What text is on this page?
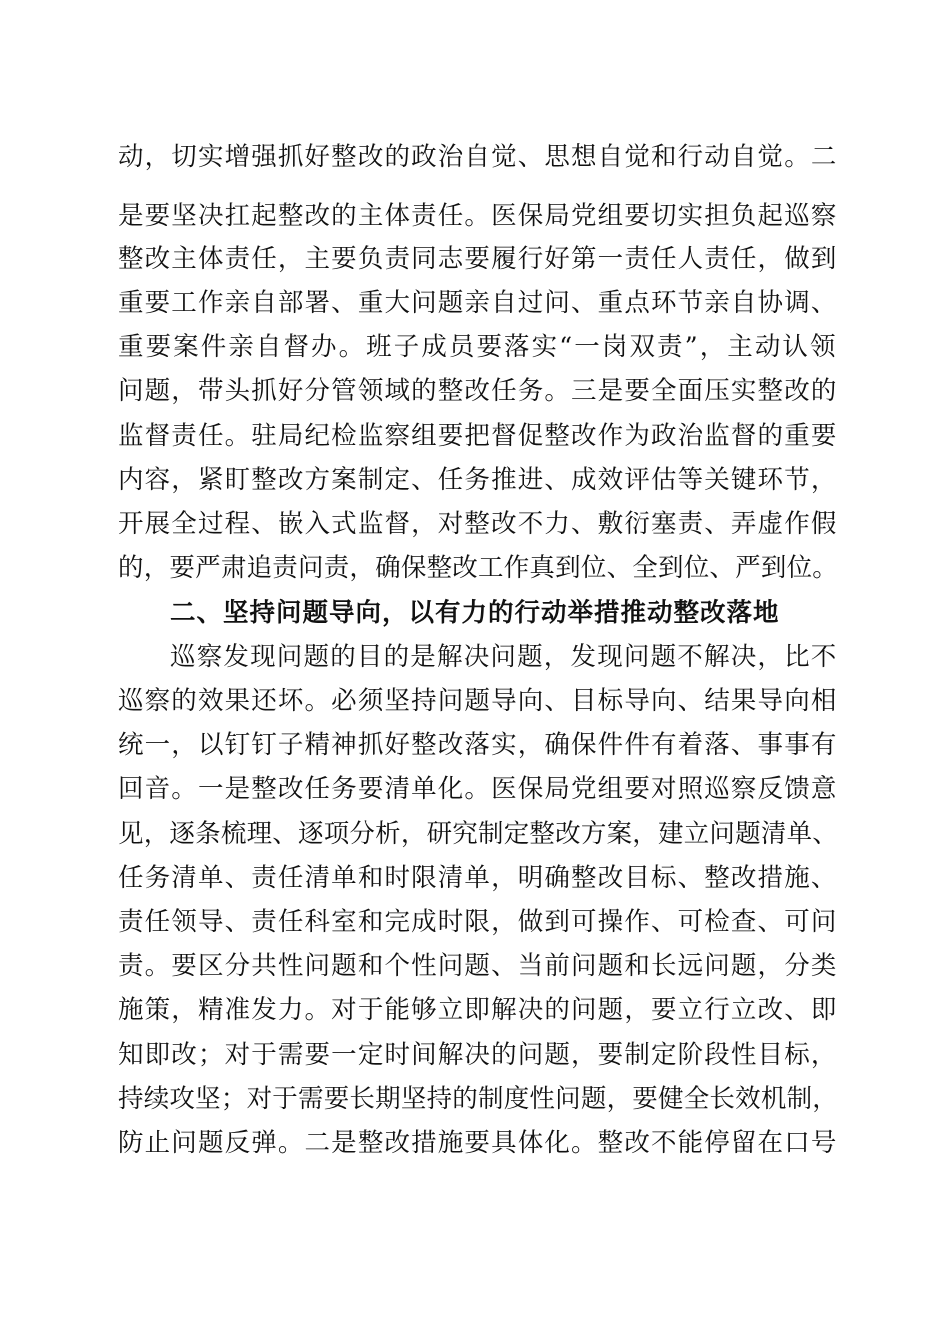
动，切实增强抓好整改的政治自觉、思想自觉和行动自觉。二
是要坚决扛起整改的主体责任。医保局党组要切实担负起巡察
整改主体责任，主要负责同志要履行好第一责任人责任，做到
重要工作亲自部署、重大问题亲自过问、重点环节亲自协调、
重要案件亲自督办。班子成员要落实“一岗双责”，主动认领
问题，带头抓好分管领域的整改任务。三是要全面压实整改的
监督责任。驻局纪检监察组要把督促整改作为政治监督的重要
内容，紧盯整改方案制定、任务推进、成效评估等关键环节，
开展全过程、嵌入式监督，对整改不力、敷衍塞责、弄虚作假
的，要严肃追责问责，确保整改工作真到位、全到位、严到位。
二、坚持问题导向，以有力的行动举措推动整改落地
巡察发现问题的目的是解决问题，发现问题不解决，比不
巡察的效果还坏。必须坚持问题导向、目标导向、结果导向相
统一，以钉钉子精神抓好整改落实，确保件件有着落、事事有
回音。一是整改任务要清单化。医保局党组要对照巡察反馈意
见，逐条梳理、逐项分析，研究制定整改方案，建立问题清单、
任务清单、责任清单和时限清单，明确整改目标、整改措施、
责任领导、责任科室和完成时限，做到可操作、可检查、可问
责。要区分共性问题和个性问题、当前问题和长远问题，分类
施策，精准发力。对于能够立即解决的问题，要立行立改、即
知即改；对于需要一定时间解决的问题，要制定阶段性目标，
持续攻坚；对于需要长期坚持的制度性问题，要健全长效机制，
防止问题反弹。二是整改措施要具体化。整改不能停留在口号
